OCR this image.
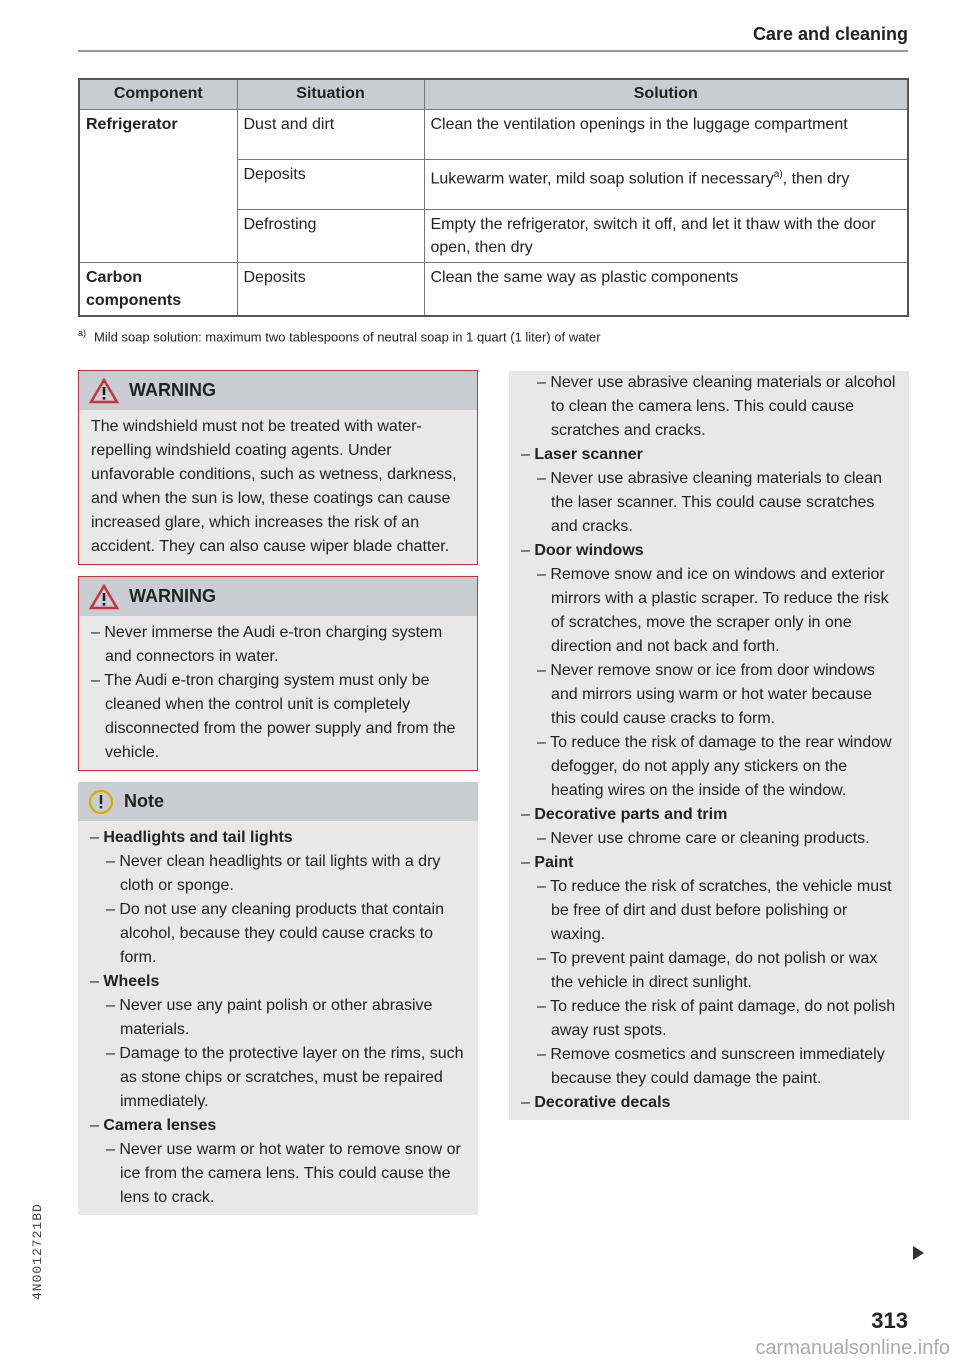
Care and cleaning
Component	Situation	Solution
Refrigerator	Dust and dirt	Clean the ventilation openings in the luggage compartment
	Deposits	Lukewarm water, mild soap solution if necessary$^{a)}$, then dry
	Defrosting	Empty the refrigerator, switch it off, and let it thaw with the door open, then dry
Carbon components	Deposits	Clean the same way as plastic components
$^{a)}$ Mild soap solution: maximum two tablespoons of neutral soap in 1 quart (1 liter) of water
WARNING
The windshield must not be treated with water-repelling windshield coating agents. Under unfavorable conditions, such as wetness, darkness, and when the sun is low, these coatings can cause increased glare, which increases the risk of an accident. They can also cause wiper blade chatter.
WARNING
– Never immerse the Audi e-tron charging system and connectors in water.
– The Audi e-tron charging system must only be cleaned when the control unit is completely disconnected from the power supply and from the vehicle.
Note
– Headlights and tail lights
– Never clean headlights or tail lights with a dry cloth or sponge.
– Do not use any cleaning products that contain alcohol, because they could cause cracks to form.
– Wheels
– Never use any paint polish or other abrasive materials.
– Damage to the protective layer on the rims, such as stone chips or scratches, must be repaired immediately.
– Camera lenses
– Never use warm or hot water to remove snow or ice from the camera lens. This could cause the lens to crack.
– Never use abrasive cleaning materials or alcohol to clean the camera lens. This could cause scratches and cracks.
– Laser scanner
– Never use abrasive cleaning materials to clean the laser scanner. This could cause scratches and cracks.
– Door windows
– Remove snow and ice on windows and exterior mirrors with a plastic scraper. To reduce the risk of scratches, move the scraper only in one direction and not back and forth.
– Never remove snow or ice from door windows and mirrors using warm or hot water because this could cause cracks to form.
– To reduce the risk of damage to the rear window defogger, do not apply any stickers on the heating wires on the inside of the window.
– Decorative parts and trim
– Never use chrome care or cleaning products.
– Paint
– To reduce the risk of scratches, the vehicle must be free of dirt and dust before polishing or waxing.
– To prevent paint damage, do not polish or wax the vehicle in direct sunlight.
– To reduce the risk of paint damage, do not polish away rust spots.
– Remove cosmetics and sunscreen immediately because they could damage the paint.
– Decorative decals
4N0012721BD
313
carmanualsonline.info
